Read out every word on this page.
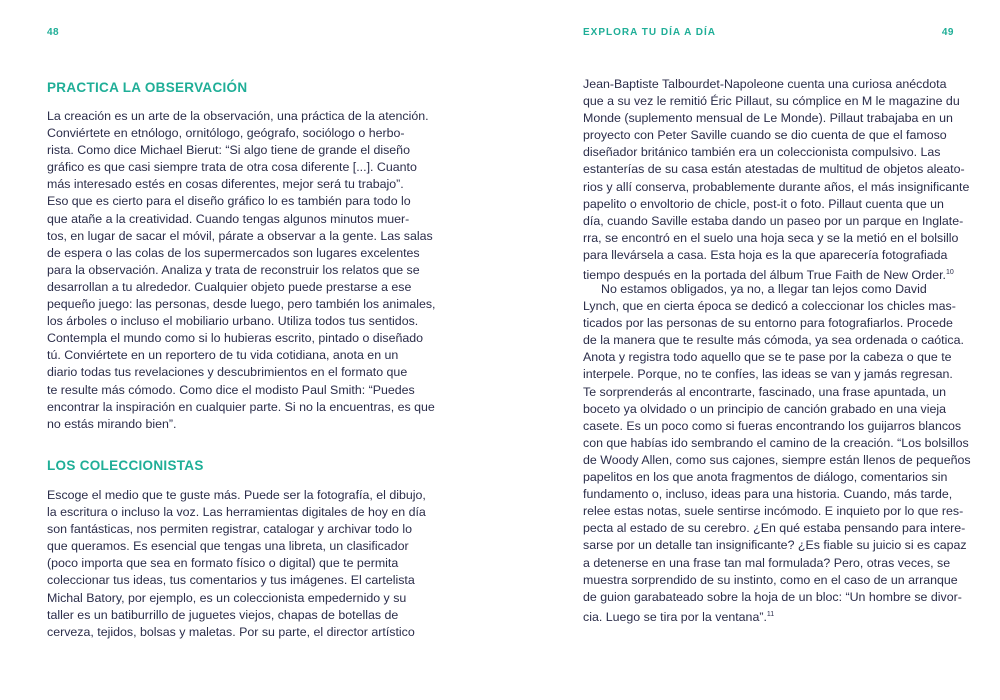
48
PRACTICA LA OBSERVACIÓN

La creación es un arte de la observación, una práctica de la atención.
Conviértete en etnólogo, ornitólogo, geógrafo, sociólogo o herbo-
rista. Como dice Michael Bierut: “Si algo tiene de grande el diseño
gráfico es que casi siempre trata de otra cosa diferente [...]. Cuanto
más interesado estés en cosas diferentes, mejor será tu trabajo”.
Eso que es cierto para el diseño gráfico lo es también para todo lo
que atañe a la creatividad. Cuando tengas algunos minutos muer-
tos, en lugar de sacar el móvil, párate a observar a la gente. Las salas
de espera o las colas de los supermercados son lugares excelentes
para la observación. Analiza y trata de reconstruir los relatos que se
desarrollan a tu alrededor. Cualquier objeto puede prestarse a ese
pequeño juego: las personas, desde luego, pero también los animales,
los árboles o incluso el mobiliario urbano. Utiliza todos tus sentidos.
Contempla el mundo como si lo hubieras escrito, pintado o diseñado
tú. Conviértete en un reportero de tu vida cotidiana, anota en un
diario todas tus revelaciones y descubrimientos en el formato que
te resulte más cómodo. Como dice el modisto Paul Smith: “Puedes
encontrar la inspiración en cualquier parte. Si no la encuentras, es que
no estás mirando bien”.

LOS COLECCIONISTAS

Escoge el medio que te guste más. Puede ser la fotografía, el dibujo,
la escritura o incluso la voz. Las herramientas digitales de hoy en día
son fantásticas, nos permiten registrar, catalogar y archivar todo lo
que queramos. Es esencial que tengas una libreta, un clasificador
(poco importa que sea en formato físico o digital) que te permita
coleccionar tus ideas, tus comentarios y tus imágenes. El cartelista
Michal Batory, por ejemplo, es un coleccionista empedernido y su
taller es un batiburrillo de juguetes viejos, chapas de botellas de
cerveza, tejidos, bolsas y maletas. Por su parte, el director artístico

EXPLORA TU DÍA A DÍA	49

Jean-Baptiste Talbourdet-Napoleone cuenta una curiosa anécdota
que a su vez le remitió Éric Pillaut, su cómplice en M le magazine du
Monde (suplemento mensual de Le Monde). Pillaut trabajaba en un
proyecto con Peter Saville cuando se dio cuenta de que el famoso
diseñador británico también era un coleccionista compulsivo. Las
estanterías de su casa están atestadas de multitud de objetos aleato-
rios y allí conserva, probablemente durante años, el más insignificante
papelito o envoltorio de chicle, post-it o foto. Pillaut cuenta que un
día, cuando Saville estaba dando un paseo por un parque en Inglate-
rra, se encontró en el suelo una hoja seca y se la metió en el bolsillo
para llevársela a casa. Esta hoja es la que aparecería fotografiada
tiempo después en la portada del álbum True Faith de New Order.$^{10}$

No estamos obligados, ya no, a llegar tan lejos como David
Lynch, que en cierta época se dedicó a coleccionar los chicles mas-
ticados por las personas de su entorno para fotografiarlos. Procede
de la manera que te resulte más cómoda, ya sea ordenada o caótica.
Anota y registra todo aquello que se te pase por la cabeza o que te
interpele. Porque, no te confíes, las ideas se van y jamás regresan.
Te sorprenderás al encontrarte, fascinado, una frase apuntada, un
boceto ya olvidado o un principio de canción grabado en una vieja
casete. Es un poco como si fueras encontrando los guijarros blancos
con que habías ido sembrando el camino de la creación. “Los bolsillos
de Woody Allen, como sus cajones, siempre están llenos de pequeños
papelitos en los que anota fragmentos de diálogo, comentarios sin
fundamento o, incluso, ideas para una historia. Cuando, más tarde,
relee estas notas, suele sentirse incómodo. E inquieto por lo que res-
pecta al estado de su cerebro. ¿En qué estaba pensando para intere-
sarse por un detalle tan insignificante? ¿Es fiable su juicio si es capaz
a detenerse en una frase tan mal formulada? Pero, otras veces, se
muestra sorprendido de su instinto, como en el caso de un arranque
de guion garabateado sobre la hoja de un bloc: “Un hombre se divor-
cia. Luego se tira por la ventana”.$^{11}$
